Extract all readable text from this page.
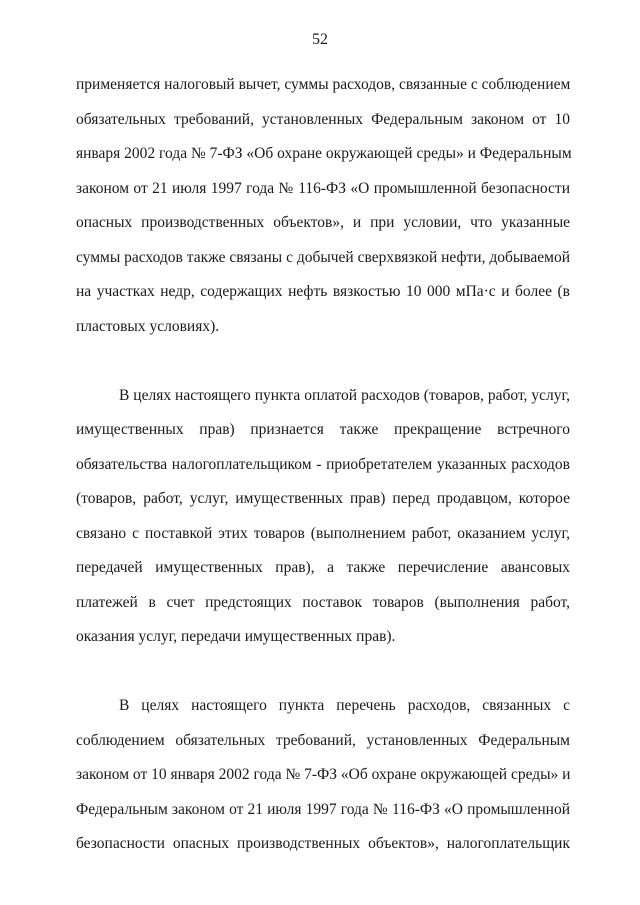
52
применяется налоговый вычет, суммы расходов, связанные с соблюдением
обязательных требований, установленных Федеральным законом от 10
января 2002 года № 7-ФЗ «Об охране окружающей среды» и Федеральным
законом от 21 июля 1997 года № 116-ФЗ «О промышленной безопасности
опасных производственных объектов», и при условии, что указанные
суммы расходов также связаны с добычей сверхвязкой нефти, добываемой
на участках недр, содержащих нефть вязкостью 10 000 мПа·с и более (в
пластовых условиях).
В целях настоящего пункта оплатой расходов (товаров, работ, услуг,
имущественных прав) признается также прекращение встречного
обязательства налогоплательщиком - приобретателем указанных расходов
(товаров, работ, услуг, имущественных прав) перед продавцом, которое
связано с поставкой этих товаров (выполнением работ, оказанием услуг,
передачей имущественных прав), а также перечисление авансовых
платежей в счет предстоящих поставок товаров (выполнения работ,
оказания услуг, передачи имущественных прав).
В целях настоящего пункта перечень расходов, связанных с
соблюдением обязательных требований, установленных Федеральным
законом от 10 января 2002 года № 7-ФЗ «Об охране окружающей среды» и
Федеральным законом от 21 июля 1997 года № 116-ФЗ «О промышленной
безопасности опасных производственных объектов», налогоплательщик
